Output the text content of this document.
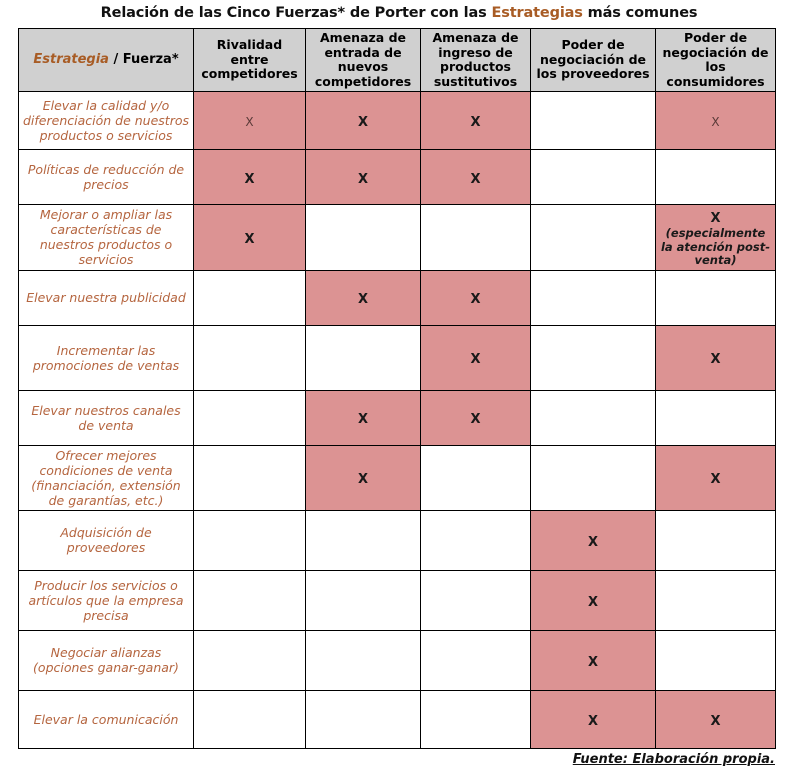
Relación de las Cinco Fuerzas* de Porter con las Estrategias más comunes
Estrategia / Fuerza*	Rivalidad entre competidores	Amenaza de entrada de nuevos competidores	Amenaza de ingreso de productos sustitutivos	Poder de negociación de los proveedores	Poder de negociación de los consumidores
Elevar la calidad y/o diferenciación de nuestros productos o servicios	X	X	X		X
Políticas de reducción de precios	X	X	X		
Mejorar o ampliar las características de nuestros productos o servicios	X				X
(especialmente la atención post-venta)

Elevar nuestra publicidad		X	X		
Incrementar las promociones de ventas			X		X
Elevar nuestros canales de venta		X	X		
Ofrecer mejores condiciones de venta (financiación, extensión de garantías, etc.)		X			X
Adquisición de proveedores				X	
Producir los servicios o artículos que la empresa precisa				X	
Negociar alianzas (opciones ganar-ganar)				X	
Elevar la comunicación				X	X
Fuente: Elaboración propia.
